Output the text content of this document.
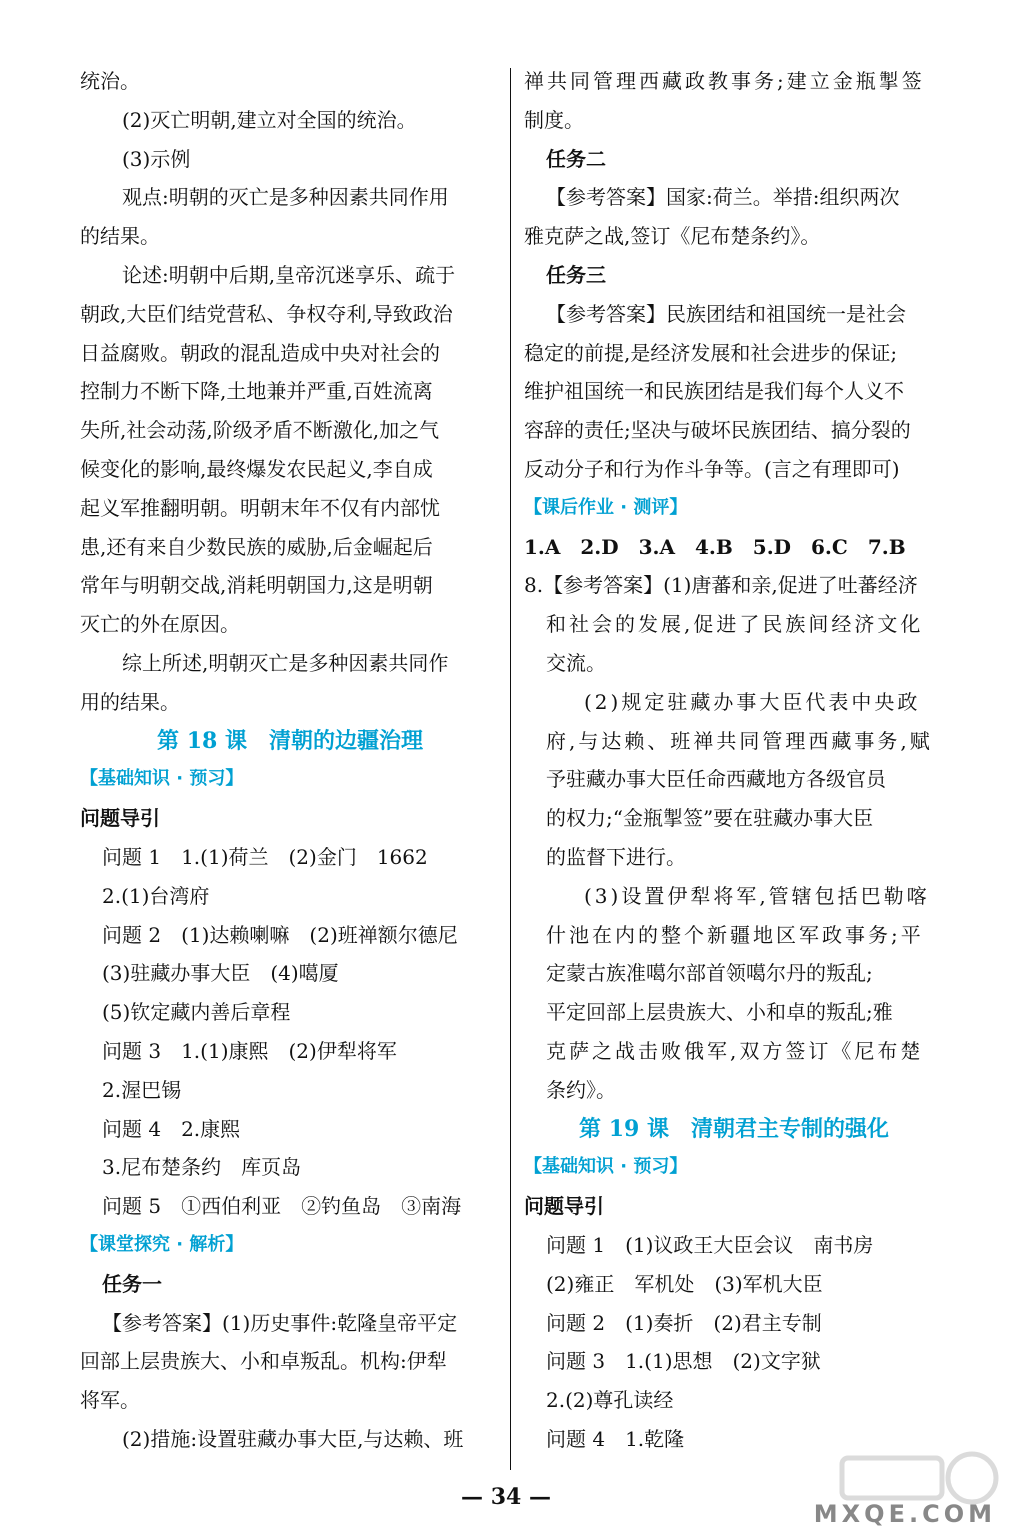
统治。
(2)灭亡明朝,建立对全国的统治。
(3)示例
观点:明朝的灭亡是多种因素共同作用
的结果。
论述:明朝中后期,皇帝沉迷享乐、疏于
朝政,大臣们结党营私、争权夺利,导致政治
日益腐败。朝政的混乱造成中央对社会的
控制力不断下降,土地兼并严重,百姓流离
失所,社会动荡,阶级矛盾不断激化,加之气
候变化的影响,最终爆发农民起义,李自成
起义军推翻明朝。明朝末年不仅有内部忧
患,还有来自少数民族的威胁,后金崛起后
常年与明朝交战,消耗明朝国力,这是明朝
灭亡的外在原因。
综上所述,明朝灭亡是多种因素共同作
用的结果。
第 18 课　清朝的边疆治理
【基础知识 · 预习】
问题导引
问题 1　1.(1)荷兰　(2)金门　1662
2.(1)台湾府
问题 2　(1)达赖喇嘛　(2)班禅额尔德尼
(3)驻藏办事大臣　(4)噶厦
(5)钦定藏内善后章程
问题 3　1.(1)康熙　(2)伊犁将军
2.渥巴锡
问题 4　2.康熙
3.尼布楚条约　库页岛
问题 5　①西伯利亚　②钓鱼岛　③南海
【课堂探究 · 解析】
任务一
【参考答案】(1)历史事件:乾隆皇帝平定
回部上层贵族大、小和卓叛乱。机构:伊犁
将军。
(2)措施:设置驻藏办事大臣,与达赖、班
禅共同管理西藏政教事务;建立金瓶掣签
制度。
任务二
【参考答案】国家:荷兰。举措:组织两次
雅克萨之战,签订《尼布楚条约》。
任务三
【参考答案】民族团结和祖国统一是社会
稳定的前提,是经济发展和社会进步的保证;
维护祖国统一和民族团结是我们每个人义不
容辞的责任;坚决与破坏民族团结、搞分裂的
反动分子和行为作斗争等。(言之有理即可)
【课后作业 · 测评】
1.A　2.D　3.A　4.B　5.D　6.C　7.B
8.【参考答案】(1)唐蕃和亲,促进了吐蕃经济
和社会的发展,促进了民族间经济文化
交流。
(2)规定驻藏办事大臣代表中央政
府,与达赖、班禅共同管理西藏事务,赋
予驻藏办事大臣任命西藏地方各级官员
的权力;“金瓶掣签”要在驻藏办事大臣
的监督下进行。
(3)设置伊犁将军,管辖包括巴勒喀
什池在内的整个新疆地区军政事务;平
定蒙古族准噶尔部首领噶尔丹的叛乱;
平定回部上层贵族大、小和卓的叛乱;雅
克萨之战击败俄军,双方签订《尼布楚
条约》。
第 19 课　清朝君主专制的强化
【基础知识 · 预习】
问题导引
问题 1　(1)议政王大臣会议　南书房
(2)雍正　军机处　(3)军机大臣
问题 2　(1)奏折　(2)君主专制
问题 3　1.(1)思想　(2)文字狱
2.(2)尊孔读经
问题 4　1.乾隆
— 34 —
MXQE.COM
